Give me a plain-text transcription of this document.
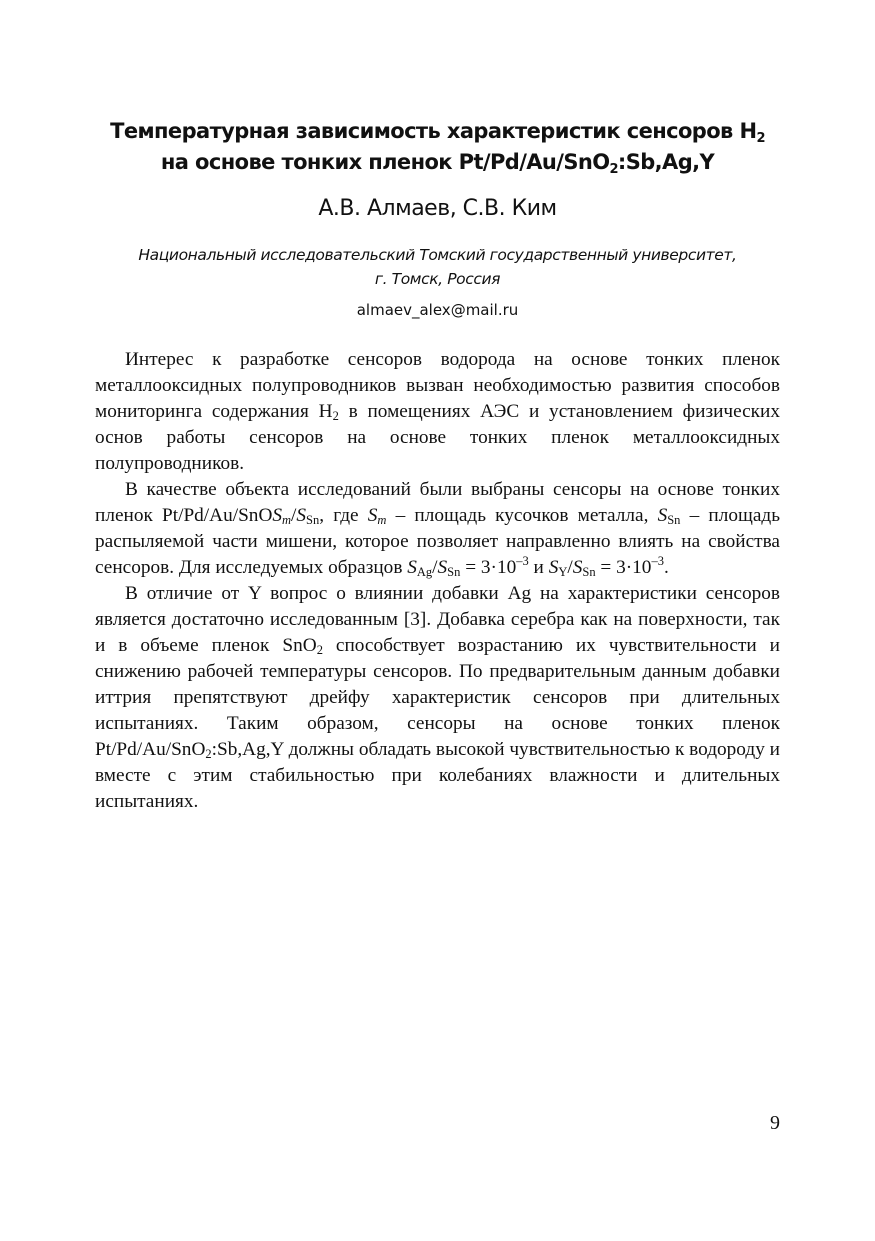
Температурная зависимость характеристик сенсоров $H_2$
на основе тонких пленок Pt/Pd/Au/SnO$_2$:Sb,Ag,Y

А.В. Алмаев, С.В. Ким

Национальный исследовательский Томский государственный университет,
г. Томск, Россия

almaev_alex@mail.ru

Интерес к разработке сенсоров водорода на основе тонких пленок металлооксидных полупроводников вызван необходимостью развития способов мониторинга содержания $H_2$ в помещениях АЭС и установлением физических основ работы сенсоров на основе тонких пленок металлооксидных полупроводников.

В качестве объекта исследований были выбраны сенсоры на основе тонких пленок $Pt/Pd/Au/SnOS_m/S_{Sn}$, где $S_m$ – площадь кусочков металла, $S_{Sn}$ – площадь распыляемой части мишени, которое позволяет направленно влиять на свойства сенсоров. Для исследуемых образцов $S_{Ag}/S_{Sn} = 3\cdot 10^{-3}$ и $S_Y/S_{Sn} = 3\cdot 10^{-3}$.

В отличие от Y вопрос о влиянии добавки Ag на характеристики сенсоров является достаточно исследованным [3]. Добавка серебра как на поверхности, так и в объеме пленок SnO$_2$ способствует возрастанию их чувствительности и снижению рабочей температуры сенсоров. По предварительным данным добавки иттрия препятствуют дрейфу характеристик сенсоров при длительных испытаниях. Таким образом, сенсоры на основе тонких пленок Pt/Pd/Au/SnO$_2$:Sb,Ag,Y должны обладать высокой чувствительностью к водороду и вместе с этим стабильностью при колебаниях влажности и длительных испытаниях.

9
